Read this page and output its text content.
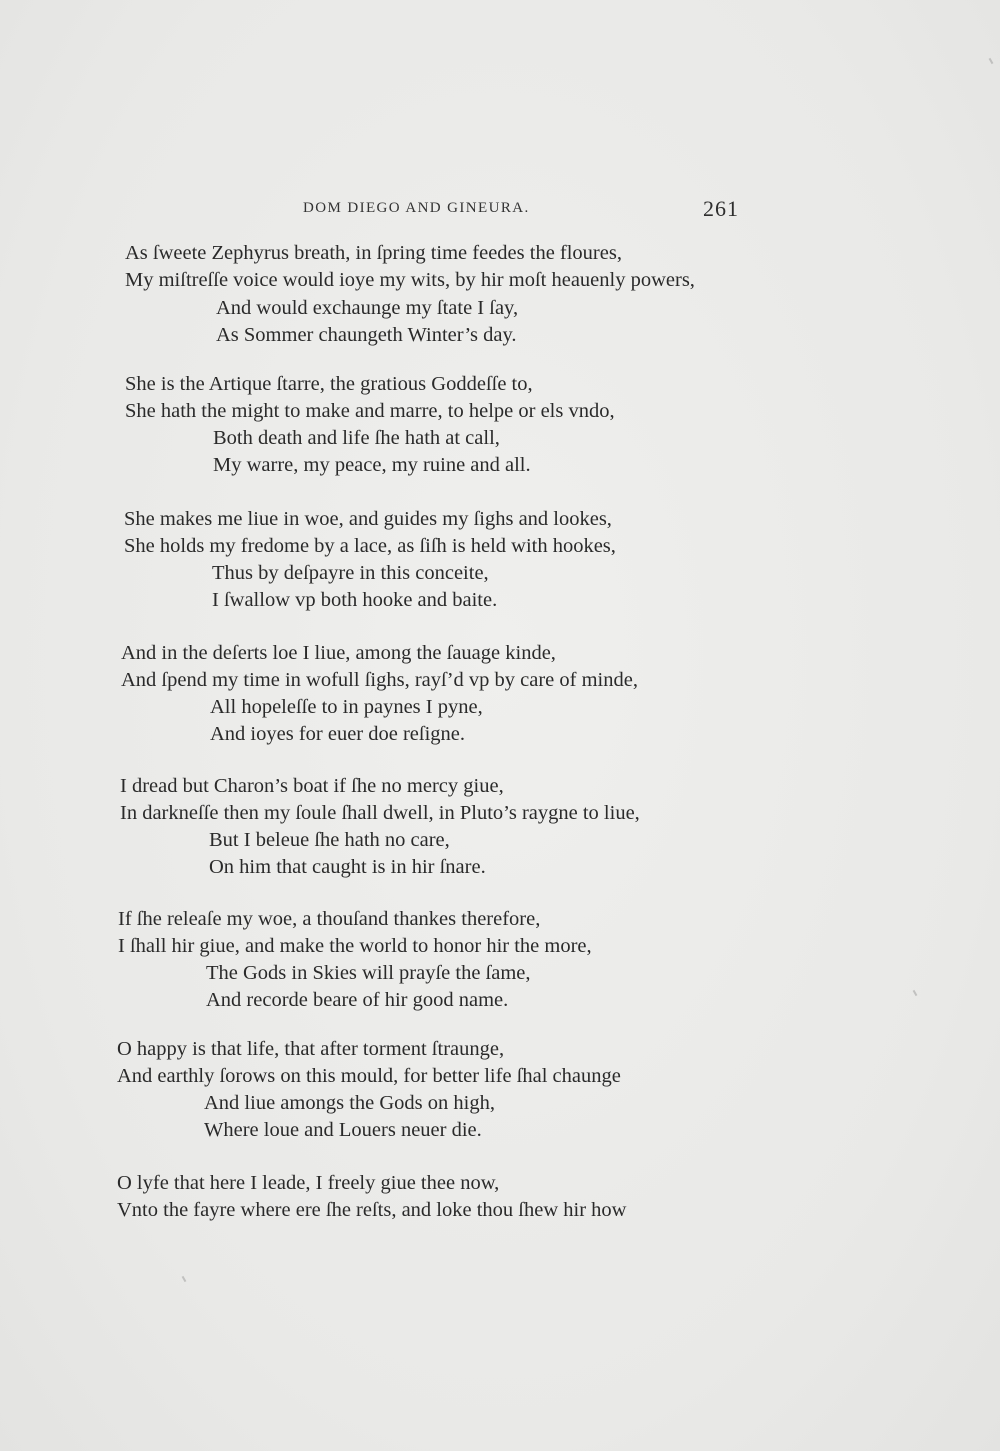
DOM DIEGO AND GINEURA.	261
As ſweete Zephyrus breath, in ſpring time feedes the floures,
My miſtreſſe voice would ioye my wits, by hir moſt heauenly powers,
And would exchaunge my ſtate I ſay,
As Sommer chaungeth Winter’s day.
She is the Artique ſtarre, the gratious Goddeſſe to,
She hath the might to make and marre, to helpe or els vndo,
Both death and life ſhe hath at call,
My warre, my peace, my ruine and all.
She makes me liue in woe, and guides my ſighs and lookes,
She holds my fredome by a lace, as ſiſh is held with hookes,
Thus by deſpayre in this conceite,
I ſwallow vp both hooke and baite.
And in the deſerts loe I liue, among the ſauage kinde,
And ſpend my time in wofull ſighs, rayſ’d vp by care of minde,
All hopeleſſe to in paynes I pyne,
And ioyes for euer doe reſigne.
I dread but Charon’s boat if ſhe no mercy giue,
In darkneſſe then my ſoule ſhall dwell, in Pluto’s raygne to liue,
But I beleue ſhe hath no care,
On him that caught is in hir ſnare.
If ſhe releaſe my woe, a thouſand thankes therefore,
I ſhall hir giue, and make the world to honor hir the more,
The Gods in Skies will prayſe the ſame,
And recorde beare of hir good name.
O happy is that life, that after torment ſtraunge,
And earthly ſorows on this mould, for better life ſhal chaunge
And liue amongs the Gods on high,
Where loue and Louers neuer die.
O lyfe that here I leade, I freely giue thee now,
Vnto the fayre where ere ſhe reſts, and loke thou ſhew hir how
